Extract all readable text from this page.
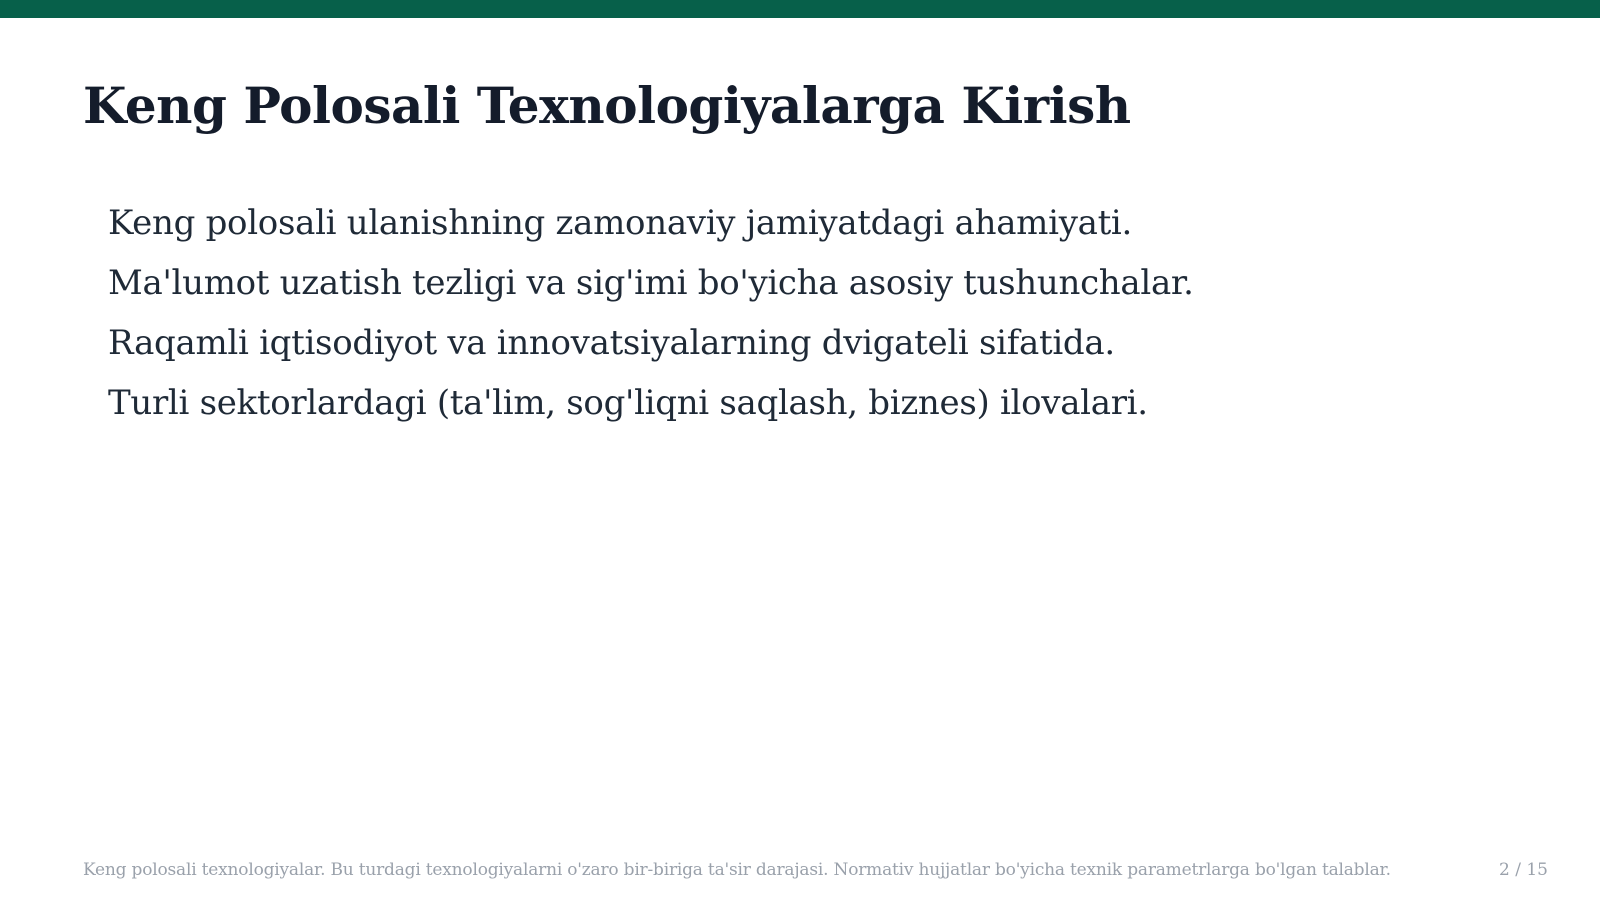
Keng Polosali Texnologiyalarga Kirish
Keng polosali ulanishning zamonaviy jamiyatdagi ahamiyati.
Ma'lumot uzatish tezligi va sig'imi bo'yicha asosiy tushunchalar.
Raqamli iqtisodiyot va innovatsiyalarning dvigateli sifatida.
Turli sektorlardagi (ta'lim, sog'liqni saqlash, biznes) ilovalari.
Keng polosali texnologiyalar. Bu turdagi texnologiyalarni o'zaro bir-biriga ta'sir darajasi. Normativ hujjatlar bo'yicha texnik parametrlarga bo'lgan talablar.	2 / 15
